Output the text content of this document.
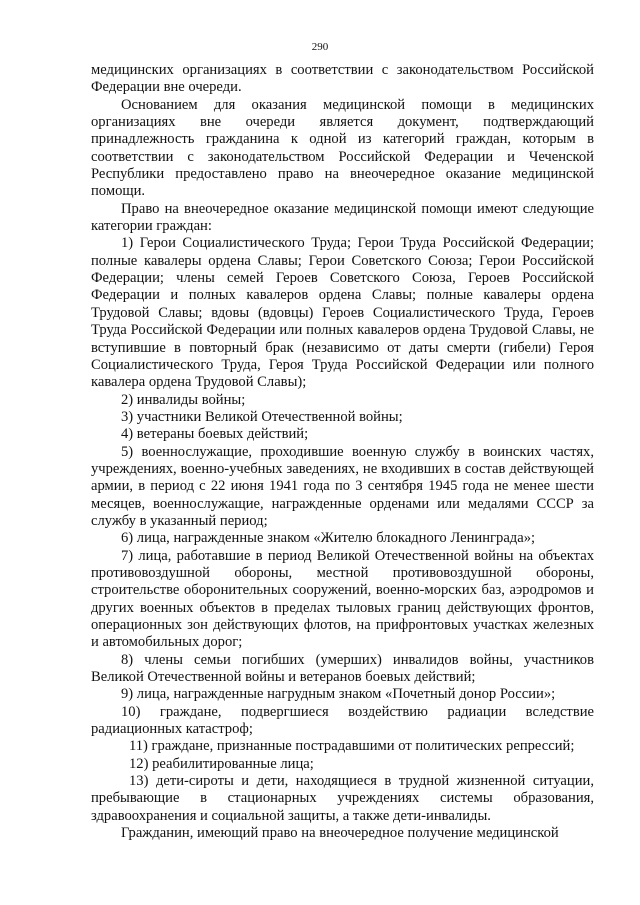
290

медицинских организациях в соответствии с законодательством Российской Федерации вне очереди.

Основанием для оказания медицинской помощи в медицинских организациях вне очереди является документ, подтверждающий принадлежность гражданина к одной из категорий граждан, которым в соответствии с законодательством Российской Федерации и Чеченской Республики предоставлено право на внеочередное оказание медицинской помощи.

Право на внеочередное оказание медицинской помощи имеют следующие категории граждан:

1) Герои Социалистического Труда; Герои Труда Российской Федерации; полные кавалеры ордена Славы; Герои Советского Союза; Герои Российской Федерации; члены семей Героев Советского Союза, Героев Российской Федерации и полных кавалеров ордена Славы; полные кавалеры ордена Трудовой Славы; вдовы (вдовцы) Героев Социалистического Труда, Героев Труда Российской Федерации или полных кавалеров ордена Трудовой Славы, не вступившие в повторный брак (независимо от даты смерти (гибели) Героя Социалистического Труда, Героя Труда Российской Федерации или полного кавалера ордена Трудовой Славы);

2) инвалиды войны;

3) участники Великой Отечественной войны;

4) ветераны боевых действий;

5) военнослужащие, проходившие военную службу в воинских частях, учреждениях, военно-учебных заведениях, не входивших в состав действующей армии, в период с 22 июня 1941 года по 3 сентября 1945 года не менее шести месяцев, военнослужащие, награжденные орденами или медалями СССР за службу в указанный период;

6) лица, награжденные знаком «Жителю блокадного Ленинграда»;

7) лица, работавшие в период Великой Отечественной войны на объектах противовоздушной обороны, местной противовоздушной обороны, строительстве оборонительных сооружений, военно-морских баз, аэродромов и других военных объектов в пределах тыловых границ действующих фронтов, операционных зон действующих флотов, на прифронтовых участках железных и автомобильных дорог;

8) члены семьи погибших (умерших) инвалидов войны, участников Великой Отечественной войны и ветеранов боевых действий;

9) лица, награжденные нагрудным знаком «Почетный донор России»;

10) граждане, подвергшиеся воздействию радиации вследствие радиационных катастроф;

11) граждане, признанные пострадавшими от политических репрессий;

12) реабилитированные лица;

13) дети-сироты и дети, находящиеся в трудной жизненной ситуации, пребывающие в стационарных учреждениях системы образования, здравоохранения и социальной защиты, а также дети-инвалиды.

Гражданин, имеющий право на внеочередное получение медицинской
